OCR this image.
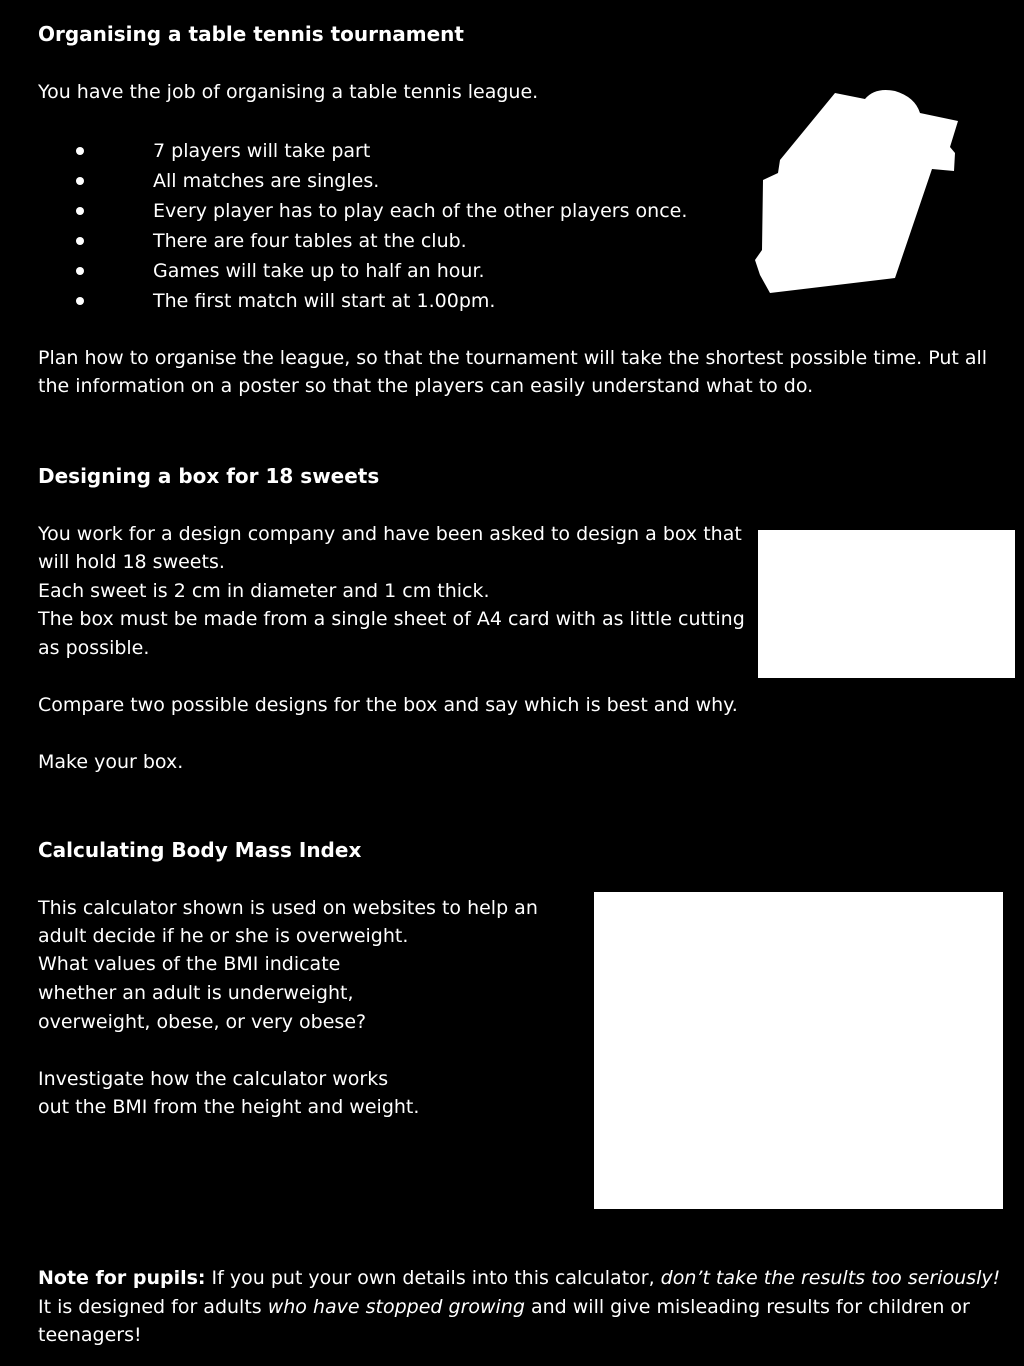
Organising a table tennis tournament

You have the job of organising a table tennis league.

7 players will take part
All matches are singles.
Every player has to play each of the other players once.
There are four tables at the club.
Games will take up to half an hour.
The first match will start at 1.00pm.

Plan how to organise the league, so that the tournament will take the shortest possible time. Put all

the information on a poster so that the players can easily understand what to do.

Designing a box for 18 sweets

You work for a design company and have been asked to design a box that

will hold 18 sweets.

Each sweet is 2 cm in diameter and 1 cm thick.

The box must be made from a single sheet of A4 card with as little cutting

as possible.

Compare two possible designs for the box and say which is best and why.

Make your box.

Calculating Body Mass Index

This calculator shown is used on websites to help an

adult decide if he or she is overweight.

What values of the BMI indicate

whether an adult is underweight,

overweight, obese, or very obese?

Investigate how the calculator works

out the BMI from the height and weight.

Note for pupils: If you put your own details into this calculator, don’t take the results too seriously! It is designed for adults who have stopped growing and will give misleading results for children or teenagers!
